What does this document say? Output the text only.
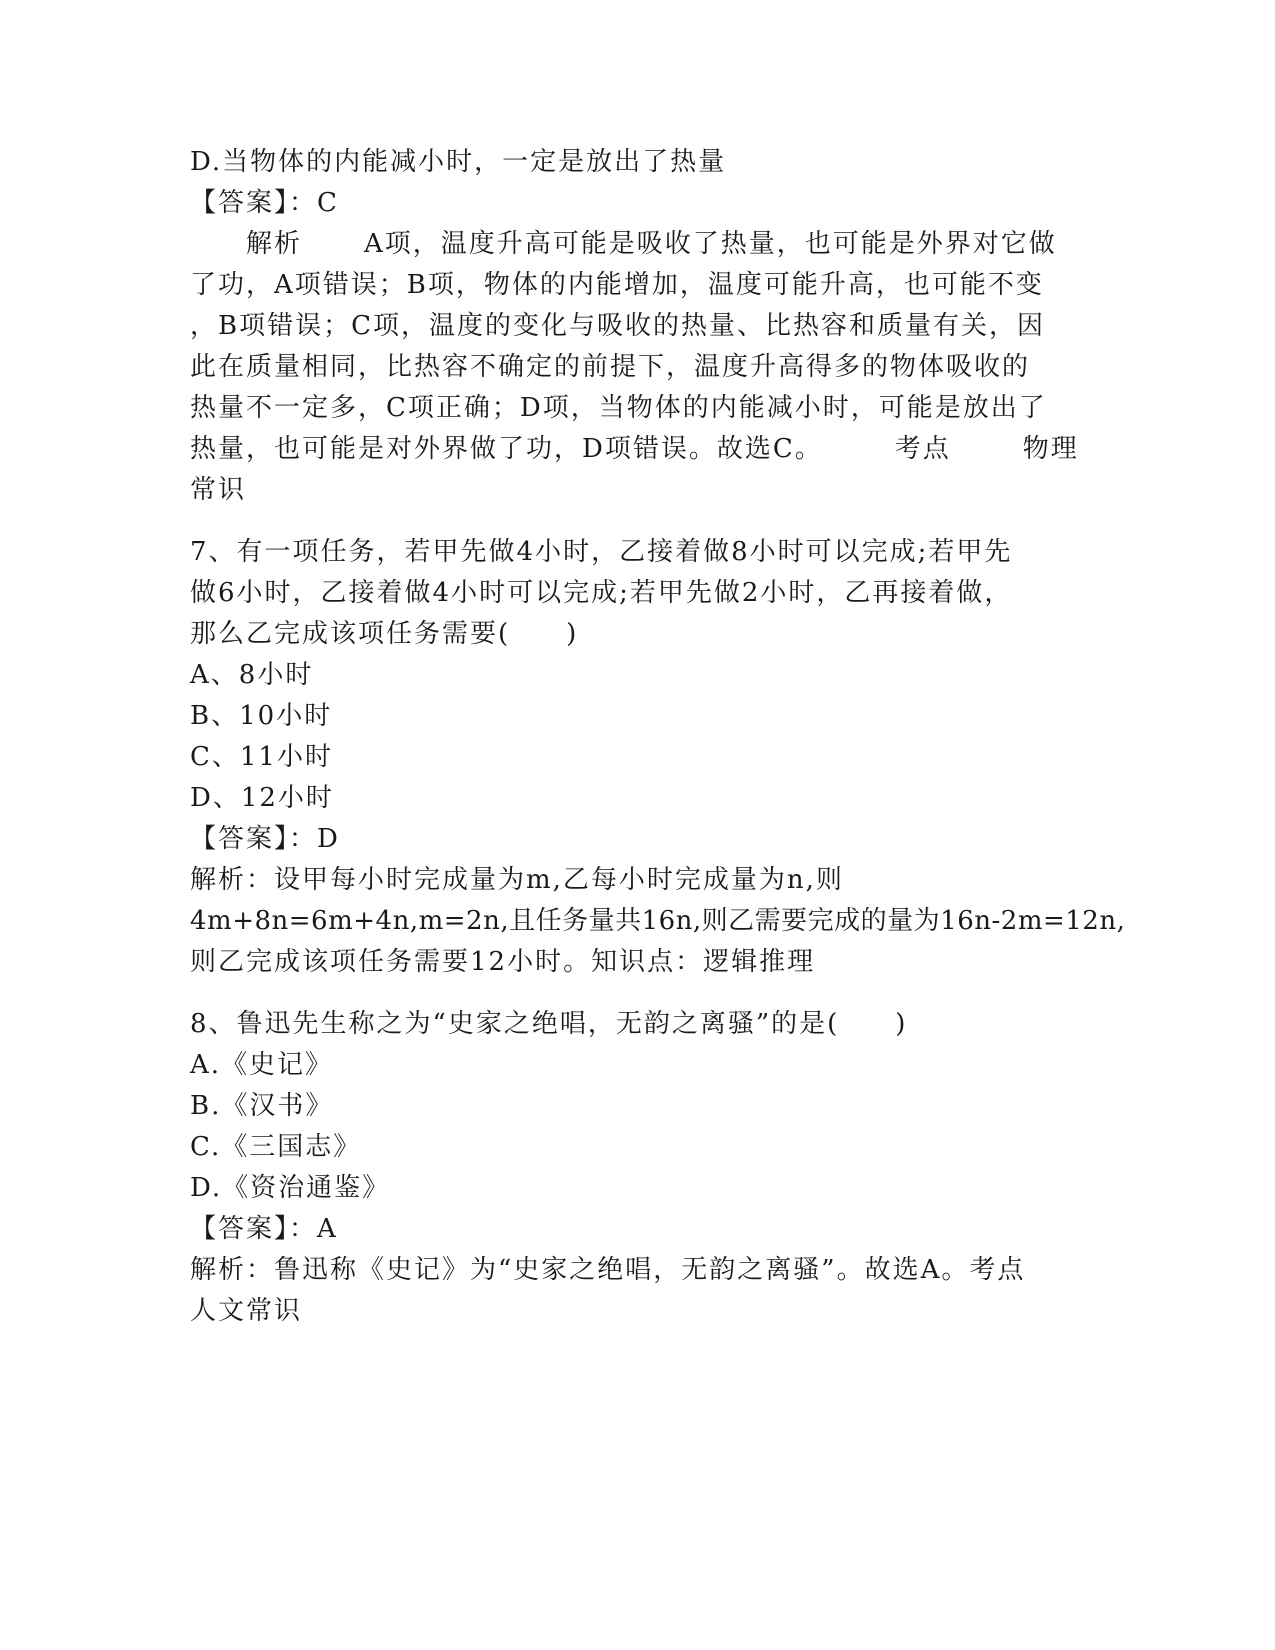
D.当物体的内能减小时，一定是放出了热量
【答案】：C
解析 A项，温度升高可能是吸收了热量，也可能是外界对它做
了功，A项错误；B项，物体的内能增加，温度可能升高，也可能不变
，B项错误；C项，温度的变化与吸收的热量、比热容和质量有关，因
此在质量相同，比热容不确定的前提下，温度升高得多的物体吸收的
热量不一定多，C项正确；D项，当物体的内能减小时，可能是放出了
热量，也可能是对外界做了功，D项错误。故选C。	考点	物理
常识
7、有一项任务，若甲先做4小时，乙接着做8小时可以完成;若甲先
做6小时，乙接着做4小时可以完成;若甲先做2小时，乙再接着做，
那么乙完成该项任务需要(　　)
A、8小时
B、10小时
C、11小时
D、12小时
【答案】：D
解析：设甲每小时完成量为m,乙每小时完成量为n,则
4m+8n=6m+4n,m=2n,且任务量共16n,则乙需要完成的量为16n-2m=12n,
则乙完成该项任务需要12小时。知识点：逻辑推理
8、鲁迅先生称之为“史家之绝唱，无韵之离骚”的是(　　)
A.《史记》
B.《汉书》
C.《三国志》
D.《资治通鉴》
【答案】：A
解析：鲁迅称《史记》为“史家之绝唱，无韵之离骚”。故选A。考点
人文常识
